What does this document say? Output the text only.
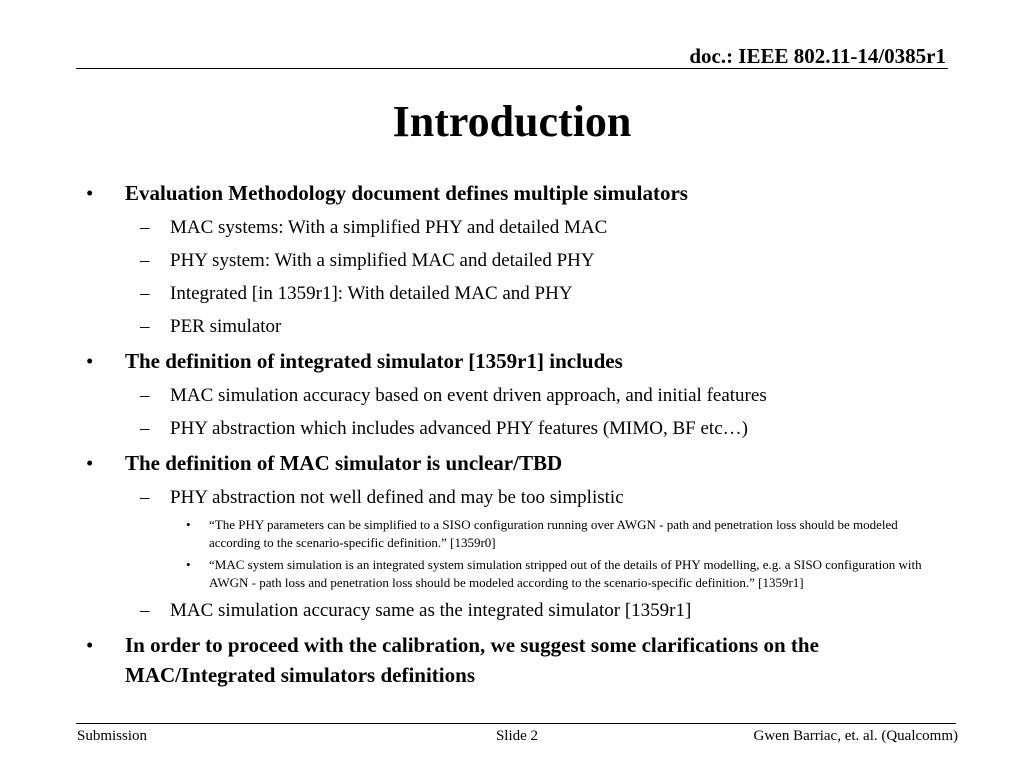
doc.: IEEE 802.11-14/0385r1
Introduction
• Evaluation Methodology document defines multiple simulators
– MAC systems: With a simplified PHY and detailed MAC
– PHY system: With a simplified MAC and detailed PHY
– Integrated [in 1359r1]: With detailed MAC and PHY
– PER simulator
• The definition of integrated simulator [1359r1] includes
– MAC simulation accuracy based on event driven approach, and initial features
– PHY abstraction which includes advanced PHY features (MIMO, BF etc…)
• The definition of MAC simulator is unclear/TBD
– PHY abstraction not well defined and may be too simplistic
• “The PHY parameters can be simplified to a SISO configuration running over AWGN - path and penetration loss should be modeled according to the scenario-specific definition.” [1359r0]
• “MAC system simulation is an integrated system simulation stripped out of the details of PHY modelling, e.g. a SISO configuration with AWGN - path loss and penetration loss should be modeled according to the scenario-specific definition.” [1359r1]
– MAC simulation accuracy same as the integrated simulator [1359r1]
• In order to proceed with the calibration, we suggest some clarifications on the MAC/Integrated simulators definitions
Submission	Slide 2	Gwen Barriac, et. al. (Qualcomm)
